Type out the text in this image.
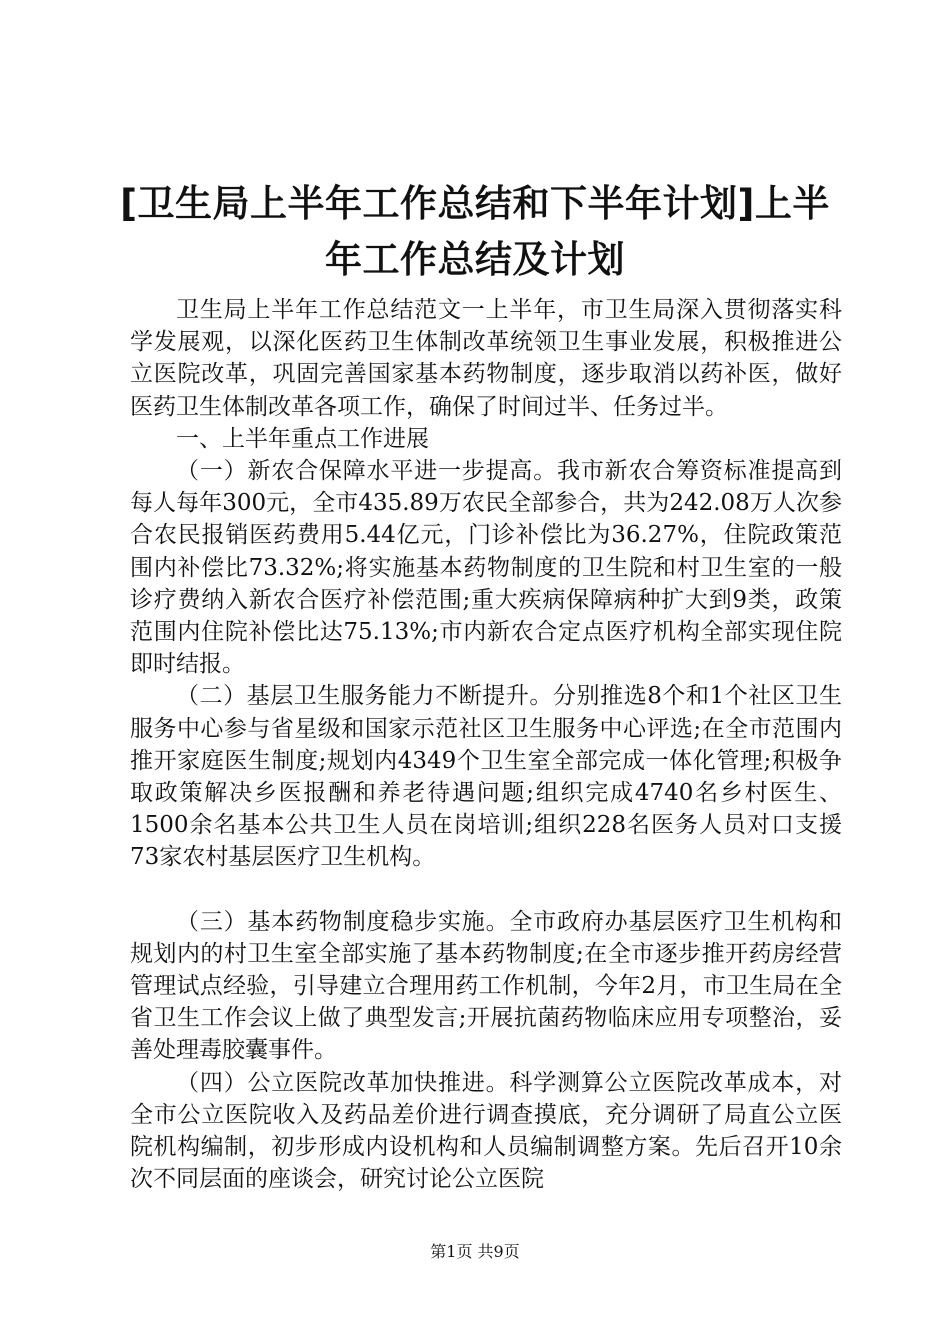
[卫生局上半年工作总结和下半年计划]上半年工作总结及计划

卫生局上半年工作总结范文一上半年，市卫生局深入贯彻落实科学发展观，以深化医药卫生体制改革统领卫生事业发展，积极推进公立医院改革，巩固完善国家基本药物制度，逐步取消以药补医，做好医药卫生体制改革各项工作，确保了时间过半、任务过半。

一、上半年重点工作进展

（一）新农合保障水平进一步提高。我市新农合筹资标准提高到每人每年300元，全市435.89万农民全部参合，共为242.08万人次参合农民报销医药费用5.44亿元，门诊补偿比为36.27%，住院政策范围内补偿比73.32%;将实施基本药物制度的卫生院和村卫生室的一般诊疗费纳入新农合医疗补偿范围;重大疾病保障病种扩大到9类，政策范围内住院补偿比达75.13%;市内新农合定点医疗机构全部实现住院即时结报。

（二）基层卫生服务能力不断提升。分别推选8个和1个社区卫生服务中心参与省星级和国家示范社区卫生服务中心评选;在全市范围内推开家庭医生制度;规划内4349个卫生室全部完成一体化管理;积极争取政策解决乡医报酬和养老待遇问题;组织完成4740名乡村医生、1500余名基本公共卫生人员在岗培训;组织228名医务人员对口支援73家农村基层医疗卫生机构。

（三）基本药物制度稳步实施。全市政府办基层医疗卫生机构和规划内的村卫生室全部实施了基本药物制度;在全市逐步推开药房经营管理试点经验，引导建立合理用药工作机制，今年2月，市卫生局在全省卫生工作会议上做了典型发言;开展抗菌药物临床应用专项整治，妥善处理毒胶囊事件。

（四）公立医院改革加快推进。科学测算公立医院改革成本，对全市公立医院收入及药品差价进行调查摸底，充分调研了局直公立医院机构编制，初步形成内设机构和人员编制调整方案。先后召开10余次不同层面的座谈会，研究讨论公立医院

第1页 共9页
